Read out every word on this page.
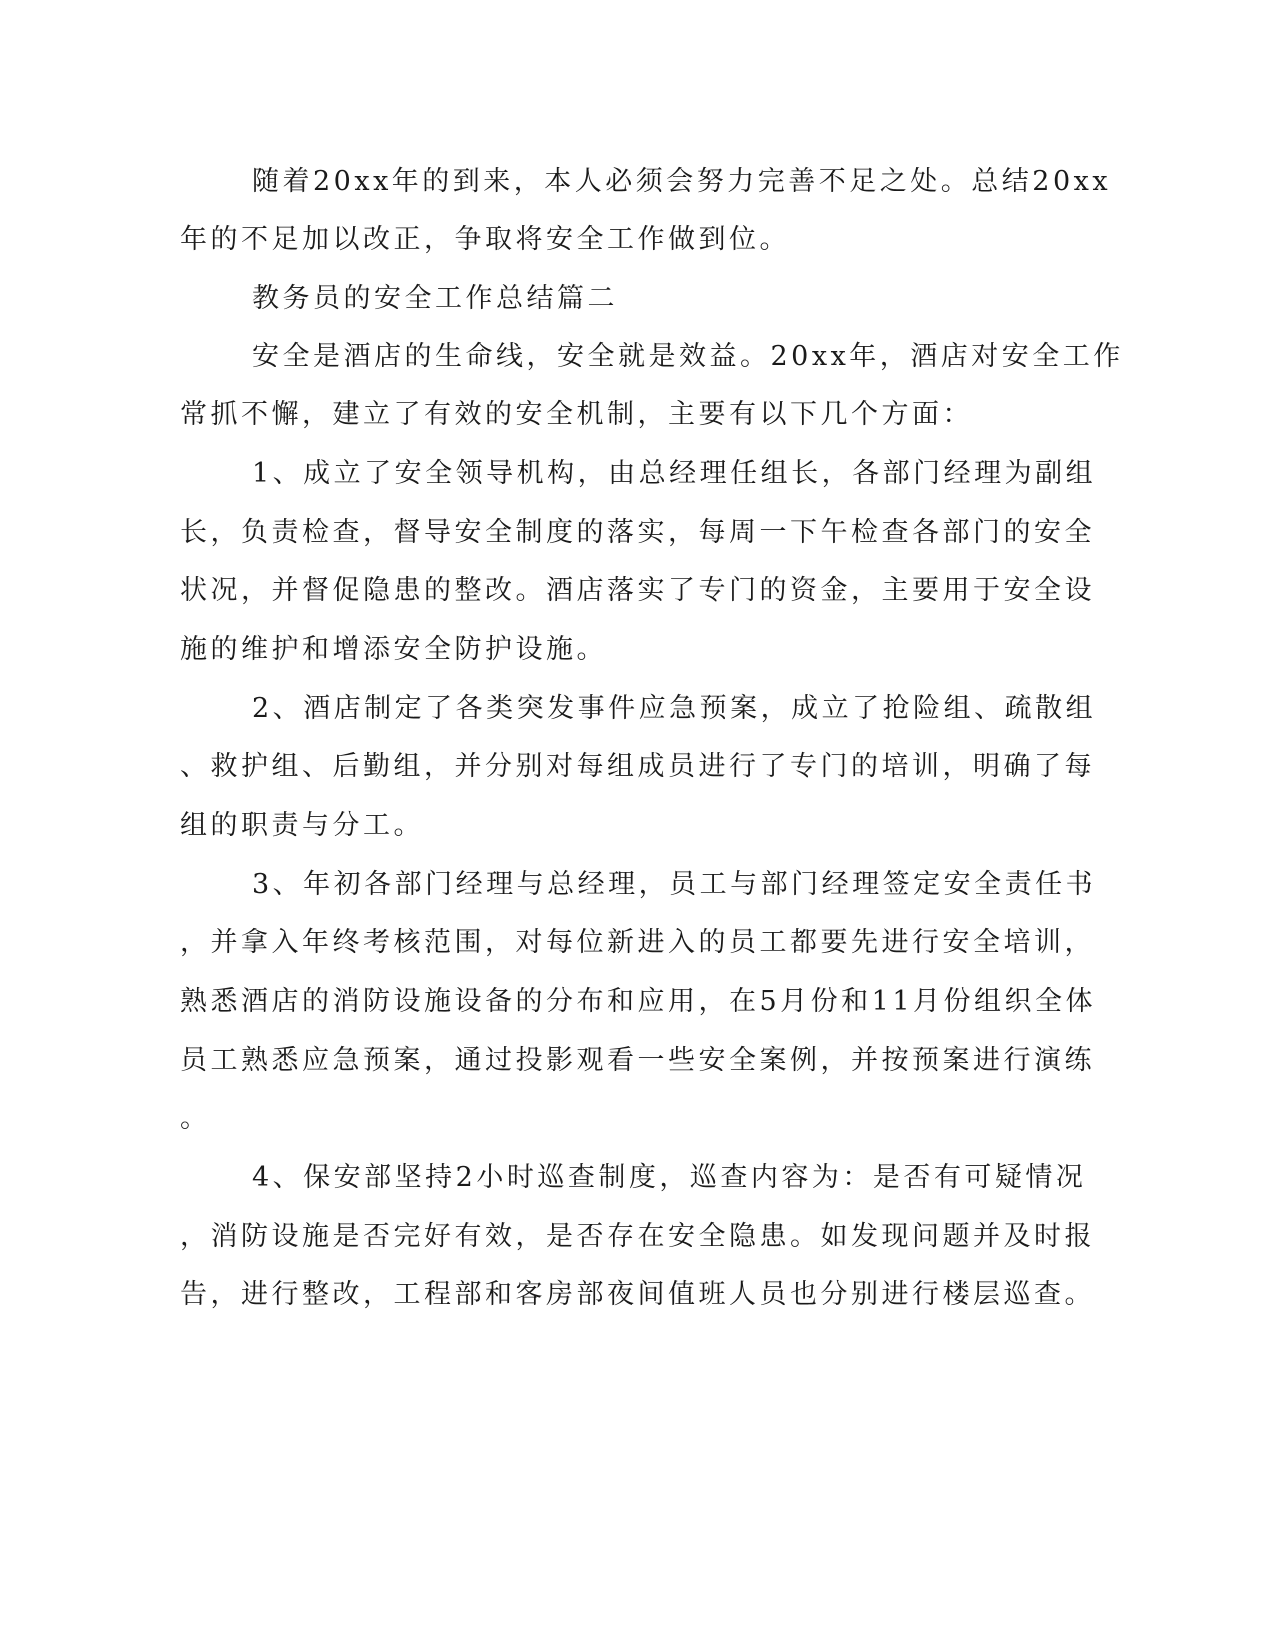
随着20xx年的到来，本人必须会努力完善不足之处。总结20xx
年的不足加以改正，争取将安全工作做到位。
教务员的安全工作总结篇二
安全是酒店的生命线，安全就是效益。20xx年，酒店对安全工作
常抓不懈，建立了有效的安全机制，主要有以下几个方面：
1、成立了安全领导机构，由总经理任组长，各部门经理为副组
长，负责检查，督导安全制度的落实，每周一下午检查各部门的安全
状况，并督促隐患的整改。酒店落实了专门的资金，主要用于安全设
施的维护和增添安全防护设施。
2、酒店制定了各类突发事件应急预案，成立了抢险组、疏散组
、救护组、后勤组，并分别对每组成员进行了专门的培训，明确了每
组的职责与分工。
3、年初各部门经理与总经理，员工与部门经理签定安全责任书
，并拿入年终考核范围，对每位新进入的员工都要先进行安全培训，
熟悉酒店的消防设施设备的分布和应用，在5月份和11月份组织全体
员工熟悉应急预案，通过投影观看一些安全案例，并按预案进行演练
。
4、保安部坚持2小时巡查制度，巡查内容为：是否有可疑情况
，消防设施是否完好有效，是否存在安全隐患。如发现问题并及时报
告，进行整改，工程部和客房部夜间值班人员也分别进行楼层巡查。
